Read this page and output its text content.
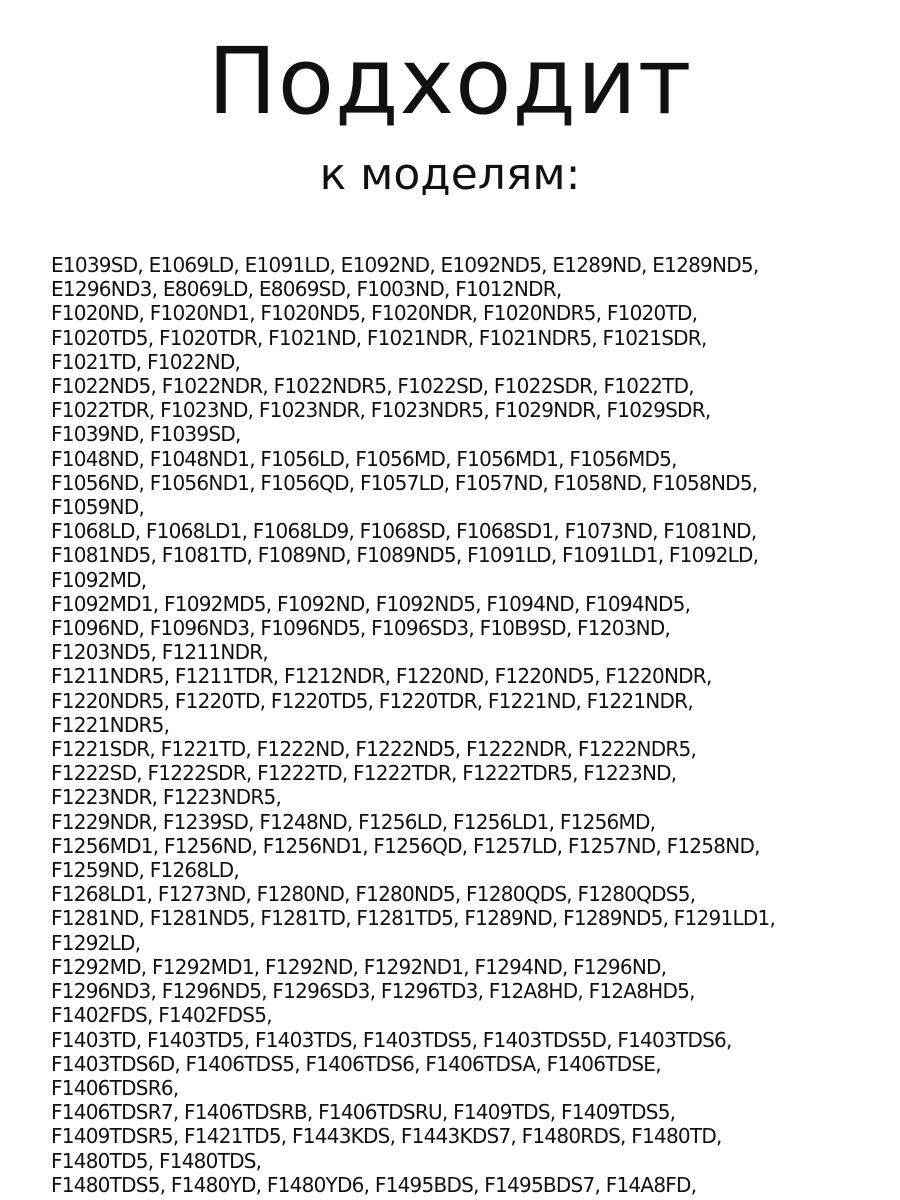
Подходит
к моделям:
E1039SD, E1069LD, E1091LD, E1092ND, E1092ND5, E1289ND, E1289ND5,
E1296ND3, E8069LD, E8069SD, F1003ND, F1012NDR,
F1020ND, F1020ND1, F1020ND5, F1020NDR, F1020NDR5, F1020TD,
F1020TD5, F1020TDR, F1021ND, F1021NDR, F1021NDR5, F1021SDR,
F1021TD, F1022ND,
F1022ND5, F1022NDR, F1022NDR5, F1022SD, F1022SDR, F1022TD,
F1022TDR, F1023ND, F1023NDR, F1023NDR5, F1029NDR, F1029SDR,
F1039ND, F1039SD,
F1048ND, F1048ND1, F1056LD, F1056MD, F1056MD1, F1056MD5,
F1056ND, F1056ND1, F1056QD, F1057LD, F1057ND, F1058ND, F1058ND5,
F1059ND,
F1068LD, F1068LD1, F1068LD9, F1068SD, F1068SD1, F1073ND, F1081ND,
F1081ND5, F1081TD, F1089ND, F1089ND5, F1091LD, F1091LD1, F1092LD,
F1092MD,
F1092MD1, F1092MD5, F1092ND, F1092ND5, F1094ND, F1094ND5,
F1096ND, F1096ND3, F1096ND5, F1096SD3, F10B9SD, F1203ND,
F1203ND5, F1211NDR,
F1211NDR5, F1211TDR, F1212NDR, F1220ND, F1220ND5, F1220NDR,
F1220NDR5, F1220TD, F1220TD5, F1220TDR, F1221ND, F1221NDR,
F1221NDR5,
F1221SDR, F1221TD, F1222ND, F1222ND5, F1222NDR, F1222NDR5,
F1222SD, F1222SDR, F1222TD, F1222TDR, F1222TDR5, F1223ND,
F1223NDR, F1223NDR5,
F1229NDR, F1239SD, F1248ND, F1256LD, F1256LD1, F1256MD,
F1256MD1, F1256ND, F1256ND1, F1256QD, F1257LD, F1257ND, F1258ND,
F1259ND, F1268LD,
F1268LD1, F1273ND, F1280ND, F1280ND5, F1280QDS, F1280QDS5,
F1281ND, F1281ND5, F1281TD, F1281TD5, F1289ND, F1289ND5, F1291LD1,
F1292LD,
F1292MD, F1292MD1, F1292ND, F1292ND1, F1294ND, F1296ND,
F1296ND3, F1296ND5, F1296SD3, F1296TD3, F12A8HD, F12A8HD5,
F1402FDS, F1402FDS5,
F1403TD, F1403TD5, F1403TDS, F1403TDS5, F1403TDS5D, F1403TDS6,
F1403TDS6D, F1406TDS5, F1406TDS6, F1406TDSA, F1406TDSE,
F1406TDSR6,
F1406TDSR7, F1406TDSRB, F1406TDSRU, F1409TDS, F1409TDS5,
F1409TDSR5, F1421TD5, F1443KDS, F1443KDS7, F1480RDS, F1480TD,
F1480TD5, F1480TDS,
F1480TDS5, F1480YD, F1480YD6, F1495BDS, F1495BDS7, F14A8FD,
